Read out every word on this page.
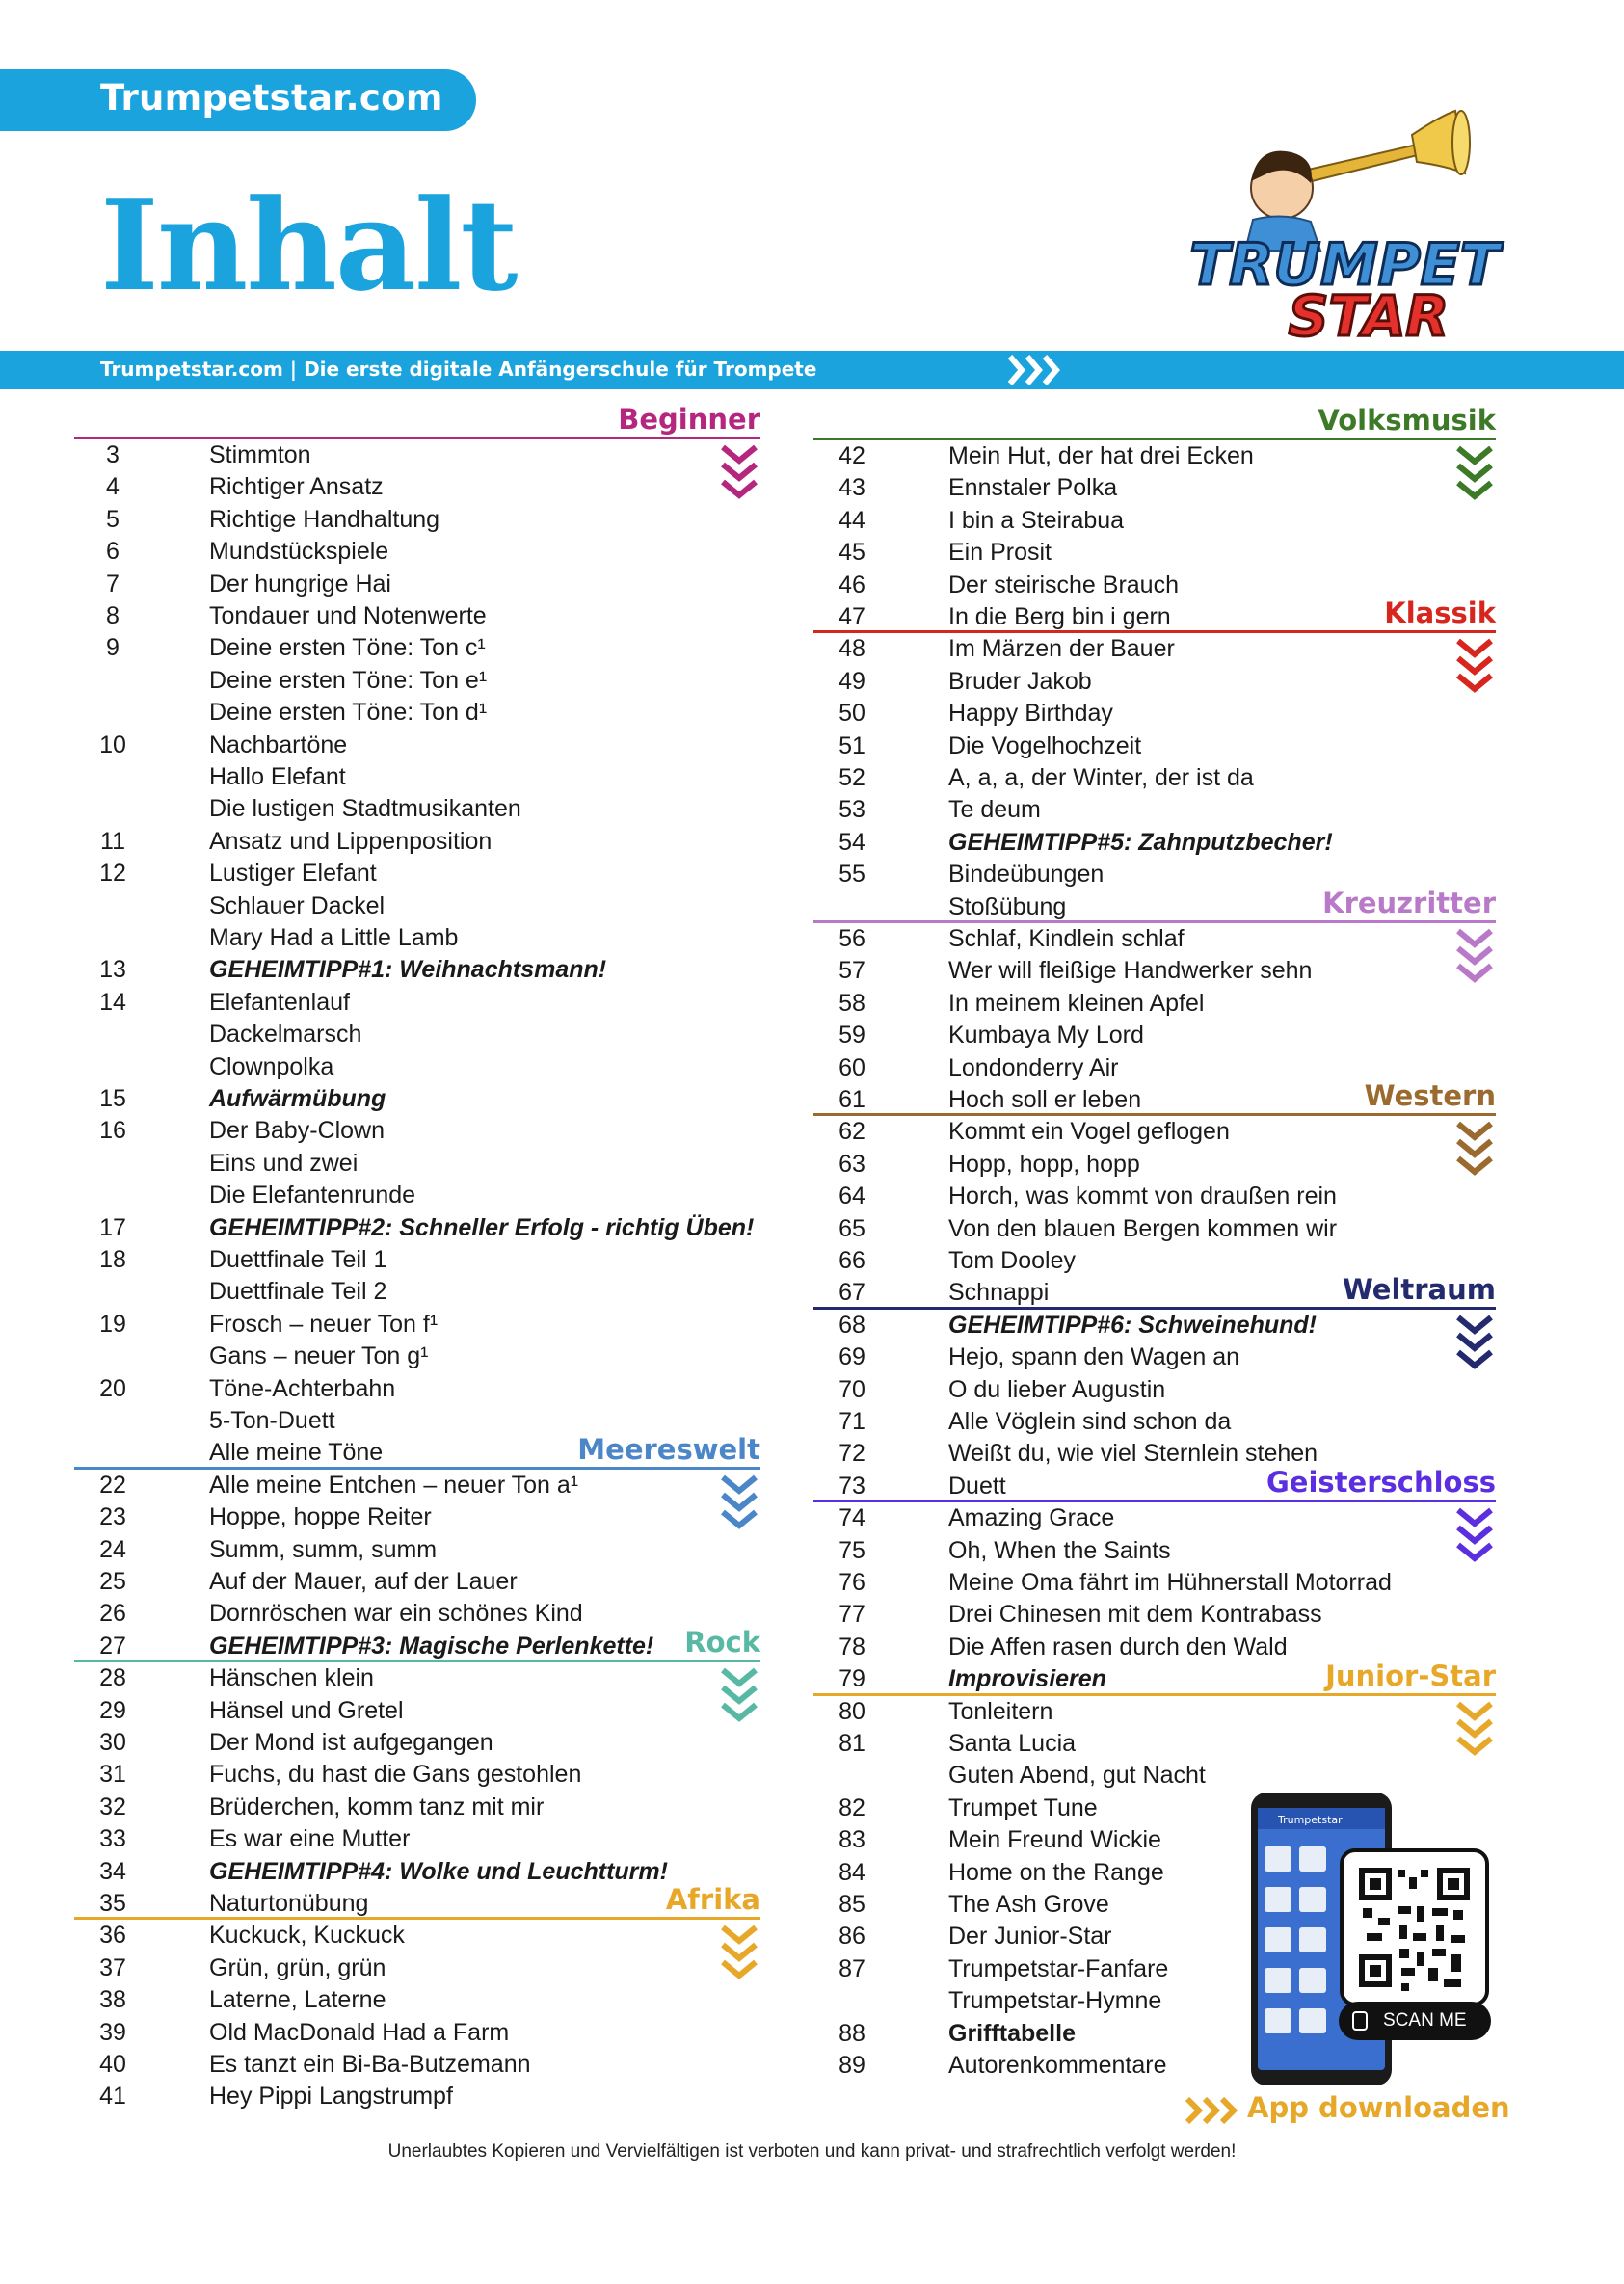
Trumpetstar.com
Inhalt	TRUMPET
STAR
Trumpetstar.com | Die erste digitale Anfängerschule für Trompete
3	Stimmton
4	Richtiger Ansatz
5	Richtige Handhaltung
6	Mundstückspiele
7	Der hungrige Hai
8	Tondauer und Notenwerte
9	Deine ersten Töne: Ton c¹
Deine ersten Töne: Ton e¹
Deine ersten Töne: Ton d¹
10	Nachbartöne
Hallo Elefant
Die lustigen Stadtmusikanten
11	Ansatz und Lippenposition
12	Lustiger Elefant
Schlauer Dackel
Mary Had a Little Lamb
13	GEHEIMTIPP#1: Weihnachtsmann!
14	Elefantenlauf
Dackelmarsch
Clownpolka
15	Aufwärmübung
16	Der Baby-Clown
Eins und zwei
Die Elefantenrunde
17	GEHEIMTIPP#2: Schneller Erfolg - richtig Üben!
18	Duettfinale Teil 1
Duettfinale Teil 2
19	Frosch – neuer Ton f¹
Gans – neuer Ton g¹
20	Töne-Achterbahn
5-Ton-Duett
Alle meine Töne
22	Alle meine Entchen – neuer Ton a¹
23	Hoppe, hoppe Reiter
24	Summ, summ, summ
25	Auf der Mauer, auf der Lauer
26	Dornröschen war ein schönes Kind
27	GEHEIMTIPP#3: Magische Perlenkette!
28	Hänschen klein
29	Hänsel und Gretel
30	Der Mond ist aufgegangen
31	Fuchs, du hast die Gans gestohlen
32	Brüderchen, komm tanz mit mir
33	Es war eine Mutter
34	GEHEIMTIPP#4: Wolke und Leuchtturm!
35	Naturtonübung
36	Kuckuck, Kuckuck
37	Grün, grün, grün
38	Laterne, Laterne
39	Old MacDonald Had a Farm
40	Es tanzt ein Bi-Ba-Butzemann
41	Hey Pippi Langstrumpf
Beginner
Meereswelt
Rock
Afrika
42	Mein Hut, der hat drei Ecken
43	Ennstaler Polka
44	I bin a Steirabua
45	Ein Prosit
46	Der steirische Brauch
47	In die Berg bin i gern
48	Im Märzen der Bauer
49	Bruder Jakob
50	Happy Birthday
51	Die Vogelhochzeit
52	A, a, a, der Winter, der ist da
53	Te deum
54	GEHEIMTIPP#5: Zahnputzbecher!
55	Bindeübungen
Stoßübung
56	Schlaf, Kindlein schlaf
57	Wer will fleißige Handwerker sehn
58	In meinem kleinen Apfel
59	Kumbaya My Lord
60	Londonderry Air
61	Hoch soll er leben
62	Kommt ein Vogel geflogen
63	Hopp, hopp, hopp
64	Horch, was kommt von draußen rein
65	Von den blauen Bergen kommen wir
66	Tom Dooley
67	Schnappi
68	GEHEIMTIPP#6: Schweinehund!
69	Hejo, spann den Wagen an
70	O du lieber Augustin
71	Alle Vöglein sind schon da
72	Weißt du, wie viel Sternlein stehen
73	Duett
74	Amazing Grace
75	Oh, When the Saints
76	Meine Oma fährt im Hühnerstall Motorrad
77	Drei Chinesen mit dem Kontrabass
78	Die Affen rasen durch den Wald
79	Improvisieren
80	Tonleitern
81	Santa Lucia
Guten Abend, gut Nacht
82	Trumpet Tune
83	Mein Freund Wickie
84	Home on the Range
85	The Ash Grove
86	Der Junior-Star
87	Trumpetstar-Fanfare
Trumpetstar-Hymne
88	Grifftabelle
89	Autorenkommentare
Volksmusik
Klassik
Kreuzritter
Western
Weltraum
Geisterschloss
Junior-Star
Trumpetstar
SCAN ME
App downloaden
Unerlaubtes Kopieren und Vervielfältigen ist verboten und kann privat- und strafrechtlich verfolgt werden!
